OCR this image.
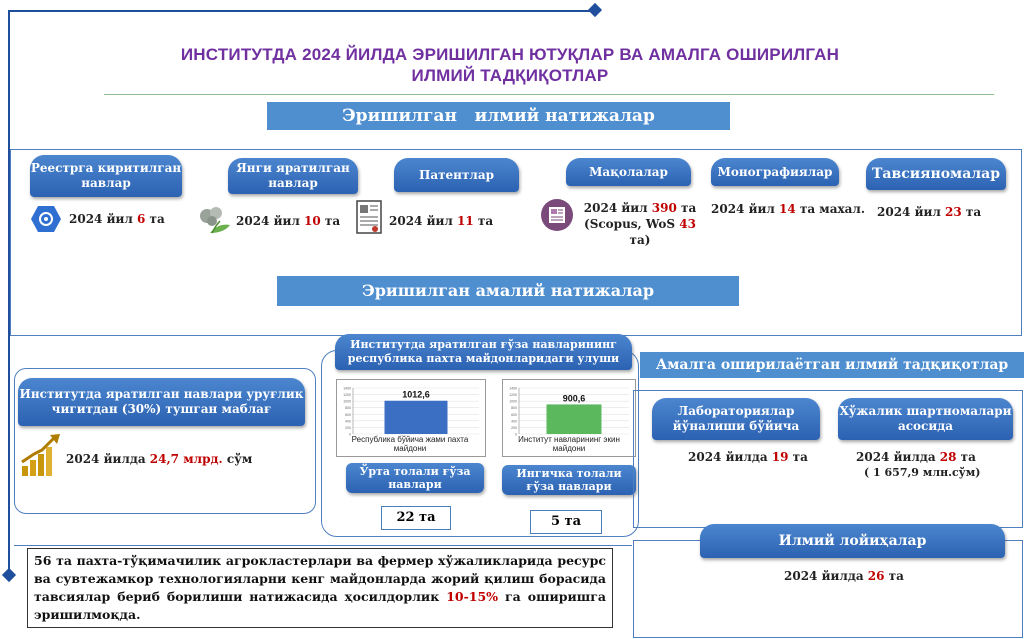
ИНСТИТУТДА 2024 ЙИЛДА ЭРИШИЛГАН ЮТУҚЛАР ВА АМАЛГА ОШИРИЛГАН
ИЛМИЙ ТАДҚИҚОТЛАР
Эришилган   илмий натижалар
Реестрга киритилган навлар
2024 йил 6 та
Янги яратилган навлар
2024 йил 10 та
Патентлар
2024 йил 11 та
Мақолалар
2024 йил 390 та
(Scopus, WoS 43 та)
Монографиялар
2024 йил 14 та махал.
Тавсияномалар
2024 йил 23 та
Эришилган амалий натижалар
Институтда яратилган навлари уруғлик чигитдан (30%) тушган маблағ
2024 йилда 24,7 млрд. сўм
Институтда яратилган ғўза навларининг республика пахта майдонларидаги улуши
0
200
400
600
800
1000
1200
1400
1012,6
Республика бўйича жами пахта майдони
0
200
400
600
800
1000
1200
1400
900,6
Институт навларининг экин майдони
Ўрта толали ғўза навлари
22 та
Ингичка толали ғўза навлари
5 та
Амалга оширилаётган илмий тадқиқотлар
Лабораториялар йўналиши бўйича
2024 йилда 19 та
Хўжалик шартномалари асосида
2024 йилда 28 та
( 1 657,9 млн.сўм)
Илмий лойиҳалар
2024 йилда 26 та
56 та пахта-тўқимачилик агрокластерлари ва фермер хўжаликларида ресурс ва сувтежамкор технологияларни кенг майдонларда жорий қилиш борасида тавсиялар бериб борилиши натижасида ҳосилдорлик 10-15% га оширишга эришилмоқда.
